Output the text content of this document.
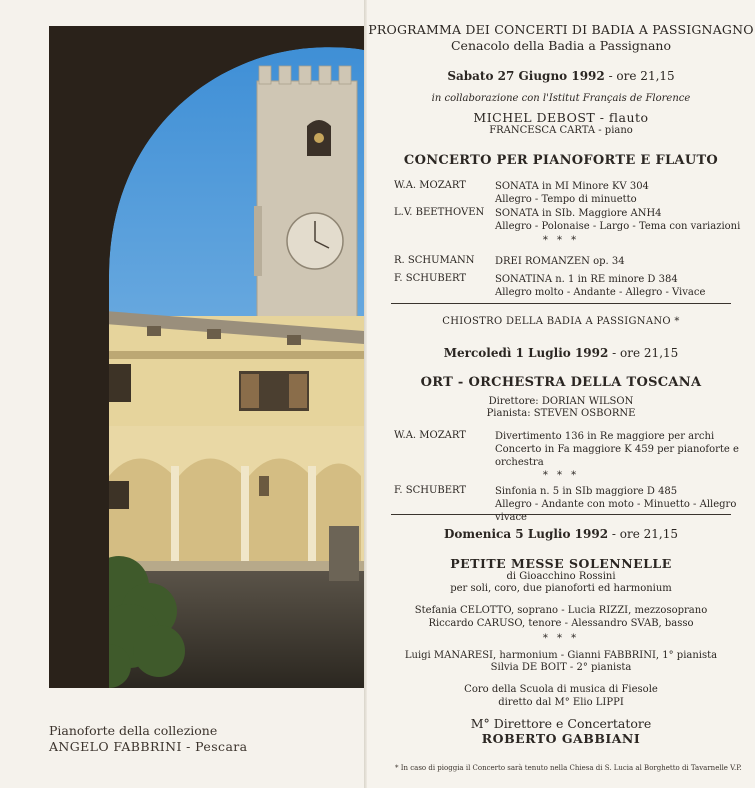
Pianoforte della collezione
ANGELO FABBRINI - Pescara
PROGRAMMA DEI CONCERTI DI BADIA A PASSIGNAGNO
Cenacolo della Badia a Passignano
Sabato 27 Giugno 1992 - ore 21,15
in collaborazione con l'Istitut Français de Florence
MICHEL DEBOST - flauto
FRANCESCA CARTA - piano
CONCERTO PER PIANOFORTE E FLAUTO
W.A. MOZART	SONATA in MI Minore KV 304
Allegro - Tempo di minuetto
L.V. BEETHOVEN SONATA in SIb. Maggiore ANH4
Allegro - Polonaise - Largo - Tema con variazioni
* * *
R. SCHUMANN DREI ROMANZEN op. 34
F. SCHUBERT	SONATINA n. 1 in RE minore D 384
Allegro molto - Andante - Allegro - Vivace
CHIOSTRO DELLA BADIA A PASSIGNANO *
Mercoledì 1 Luglio 1992 - ore 21,15
ORT - ORCHESTRA DELLA TOSCANA
Direttore: DORIAN WILSON
Pianista: STEVEN OSBORNE
W.A. MOZART	Divertimento 136 in Re maggiore per archi
Concerto in Fa maggiore K 459 per pianoforte e orchestra
* * *
F. SCHUBERT	Sinfonia n. 5 in SIb maggiore D 485
Allegro - Andante con moto - Minuetto - Allegro vivace
Domenica 5 Luglio 1992 - ore 21,15
PETITE MESSE SOLENNELLE
di Gioacchino Rossini
per soli, coro, due pianoforti ed harmonium
Stefania CELOTTO, soprano - Lucia RIZZI, mezzosoprano
Riccardo CARUSO, tenore - Alessandro SVAB, basso
* * *
Luigi MANARESI, harmonium - Gianni FABBRINI, 1° pianista
Silvia DE BOIT - 2° pianista
Coro della Scuola di musica di Fiesole
diretto dal M° Elio LIPPI
M° Direttore e Concertatore
ROBERTO GABBIANI
* In caso di pioggia il Concerto sarà tenuto nella Chiesa di S. Lucia al Borghetto di Tavarnelle V.P.
